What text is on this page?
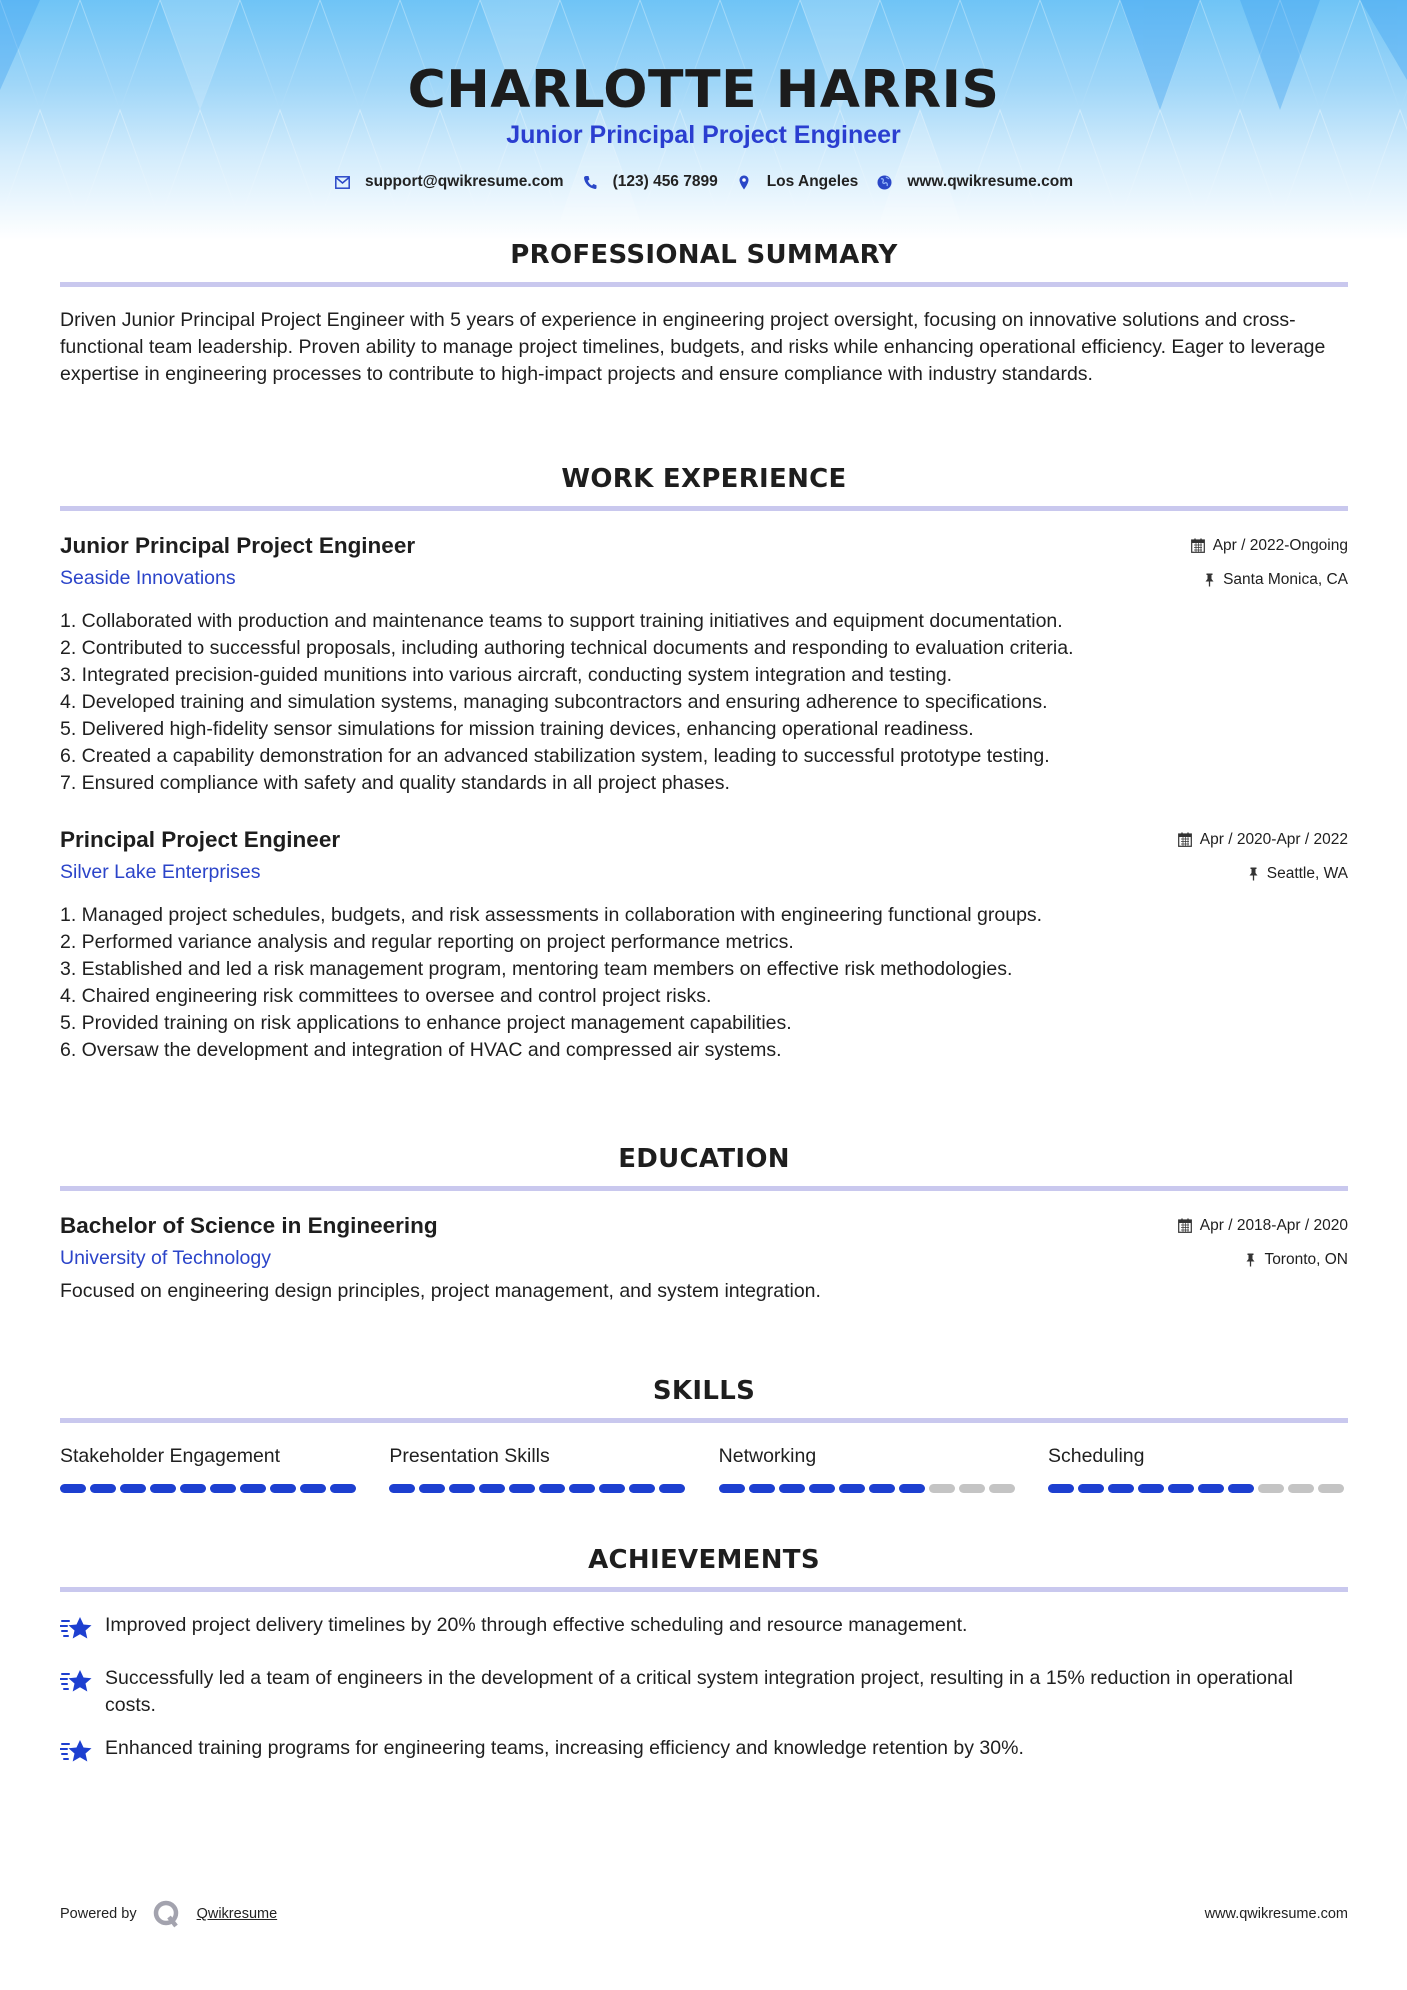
CHARLOTTE HARRIS
Junior Principal Project Engineer
support@qwikresume.com	(123) 456 7899	Los Angeles	www.qwikresume.com
PROFESSIONAL SUMMARY
Driven Junior Principal Project Engineer with 5 years of experience in engineering project oversight, focusing on innovative solutions and cross-functional team leadership. Proven ability to manage project timelines, budgets, and risks while enhancing operational efficiency. Eager to leverage expertise in engineering processes to contribute to high-impact projects and ensure compliance with industry standards.
WORK EXPERIENCE
Junior Principal Project Engineer	Apr / 2022-Ongoing
Seaside Innovations	Santa Monica, CA
1. Collaborated with production and maintenance teams to support training initiatives and equipment documentation.
2. Contributed to successful proposals, including authoring technical documents and responding to evaluation criteria.
3. Integrated precision-guided munitions into various aircraft, conducting system integration and testing.
4. Developed training and simulation systems, managing subcontractors and ensuring adherence to specifications.
5. Delivered high-fidelity sensor simulations for mission training devices, enhancing operational readiness.
6. Created a capability demonstration for an advanced stabilization system, leading to successful prototype testing.
7. Ensured compliance with safety and quality standards in all project phases.
Principal Project Engineer	Apr / 2020-Apr / 2022
Silver Lake Enterprises	Seattle, WA
1. Managed project schedules, budgets, and risk assessments in collaboration with engineering functional groups.
2. Performed variance analysis and regular reporting on project performance metrics.
3. Established and led a risk management program, mentoring team members on effective risk methodologies.
4. Chaired engineering risk committees to oversee and control project risks.
5. Provided training on risk applications to enhance project management capabilities.
6. Oversaw the development and integration of HVAC and compressed air systems.
EDUCATION
Bachelor of Science in Engineering	Apr / 2018-Apr / 2020
University of Technology	Toronto, ON
Focused on engineering design principles, project management, and system integration.
SKILLS
Stakeholder Engagement	Presentation Skills	Networking	Scheduling
ACHIEVEMENTS
Improved project delivery timelines by 20% through effective scheduling and resource management.
Successfully led a team of engineers in the development of a critical system integration project, resulting in a 15% reduction in operational costs.
Enhanced training programs for engineering teams, increasing efficiency and knowledge retention by 30%.
Powered by	Qwikresume	www.qwikresume.com
